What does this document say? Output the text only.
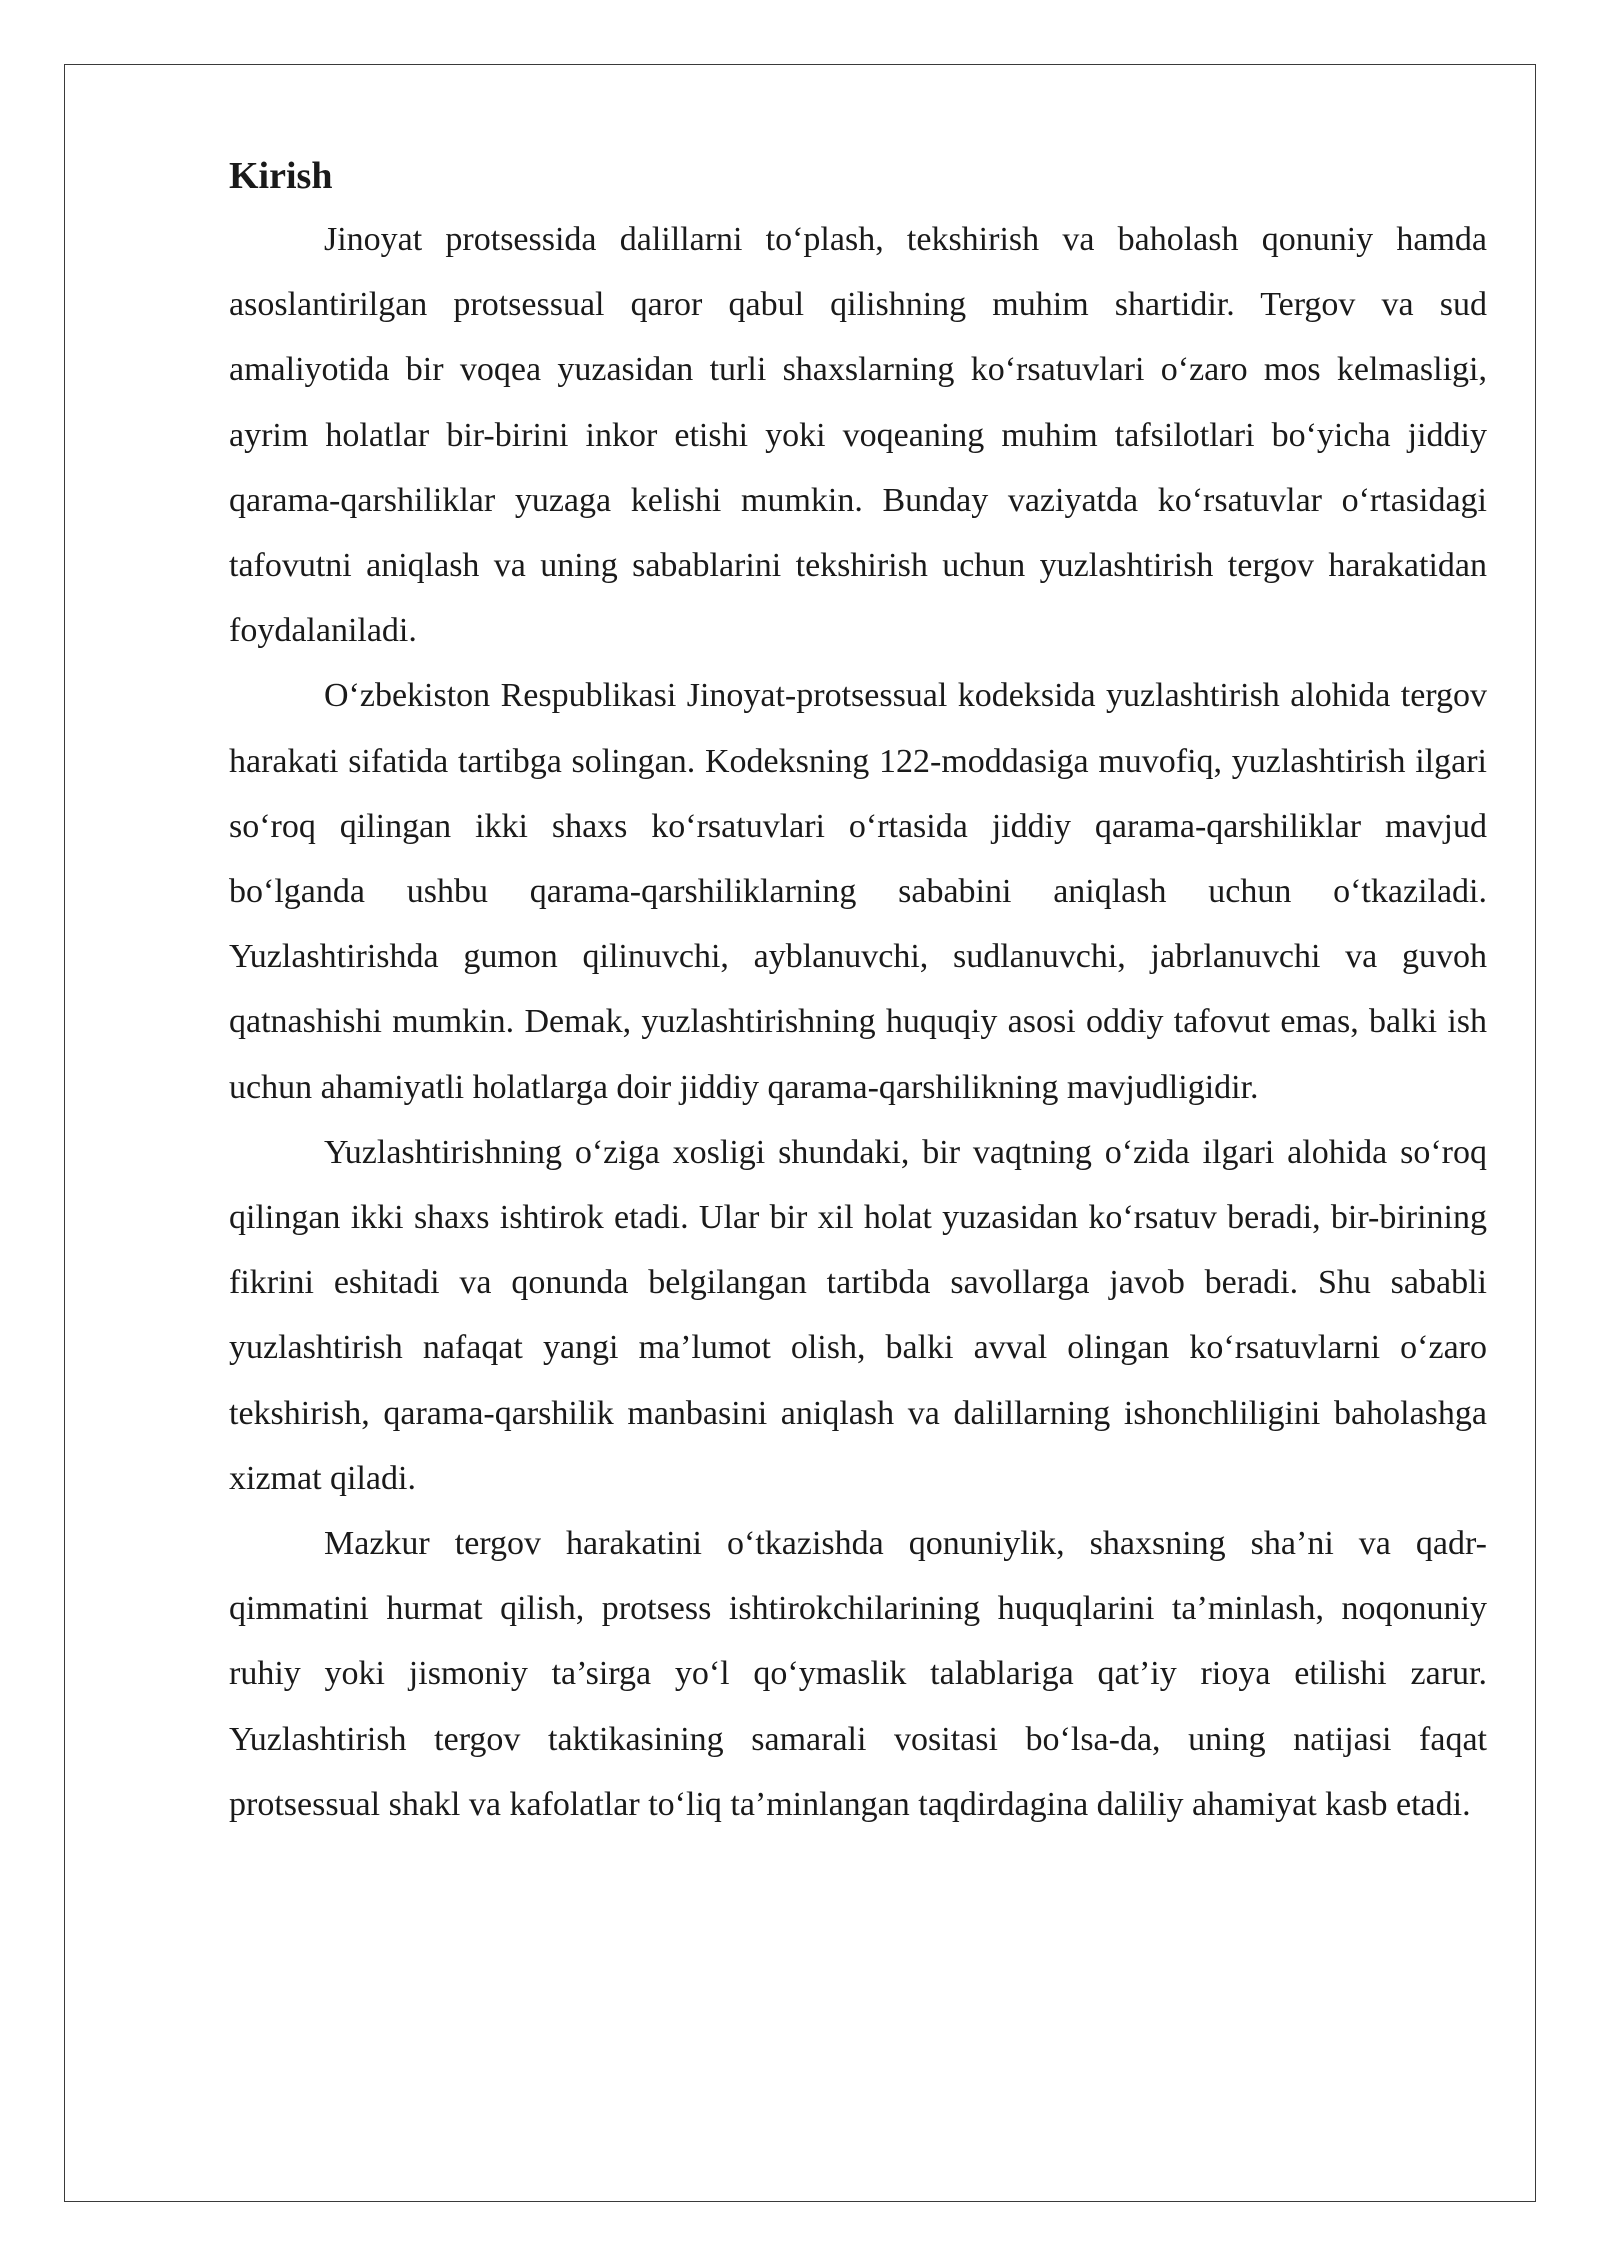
Kirish

Jinoyat protsessida dalillarni to‘plash, tekshirish va baholash qonuniy hamda asoslantirilgan protsessual qaror qabul qilishning muhim shartidir. Tergov va sud amaliyotida bir voqea yuzasidan turli shaxslarning ko‘rsatuvlari o‘zaro mos kelmasligi, ayrim holatlar bir-birini inkor etishi yoki voqeaning muhim tafsilotlari bo‘yicha jiddiy qarama-qarshiliklar yuzaga kelishi mumkin. Bunday vaziyatda ko‘rsatuvlar o‘rtasidagi tafovutni aniqlash va uning sabablarini tekshirish uchun yuzlashtirish tergov harakatidan foydalaniladi.

O‘zbekiston Respublikasi Jinoyat-protsessual kodeksida yuzlashtirish alohida tergov harakati sifatida tartibga solingan. Kodeksning 122-moddasiga muvofiq, yuzlashtirish ilgari so‘roq qilingan ikki shaxs ko‘rsatuvlari o‘rtasida jiddiy qarama-qarshiliklar mavjud bo‘lganda ushbu qarama-qarshiliklarning sababini aniqlash uchun o‘tkaziladi. Yuzlashtirishda gumon qilinuvchi, ayblanuvchi, sudlanuvchi, jabrlanuvchi va guvoh qatnashishi mumkin. Demak, yuzlashtirishning huquqiy asosi oddiy tafovut emas, balki ish uchun ahamiyatli holatlarga doir jiddiy qarama-qarshilikning mavjudligidir.

Yuzlashtirishning o‘ziga xosligi shundaki, bir vaqtning o‘zida ilgari alohida so‘roq qilingan ikki shaxs ishtirok etadi. Ular bir xil holat yuzasidan ko‘rsatuv beradi, bir-birining fikrini eshitadi va qonunda belgilangan tartibda savollarga javob beradi. Shu sababli yuzlashtirish nafaqat yangi ma’lumot olish, balki avval olingan ko‘rsatuvlarni o‘zaro tekshirish, qarama-qarshilik manbasini aniqlash va dalillarning ishonchliligini baholashga xizmat qiladi.

Mazkur tergov harakatini o‘tkazishda qonuniylik, shaxsning sha’ni va qadr-qimmatini hurmat qilish, protsess ishtirokchilarining huquqlarini ta’minlash, noqonuniy ruhiy yoki jismoniy ta’sirga yo‘l qo‘ymaslik talablariga qat’iy rioya etilishi zarur. Yuzlashtirish tergov taktikasining samarali vositasi bo‘lsa-da, uning natijasi faqat protsessual shakl va kafolatlar to‘liq ta’minlangan taqdirdagina daliliy ahamiyat kasb etadi.
